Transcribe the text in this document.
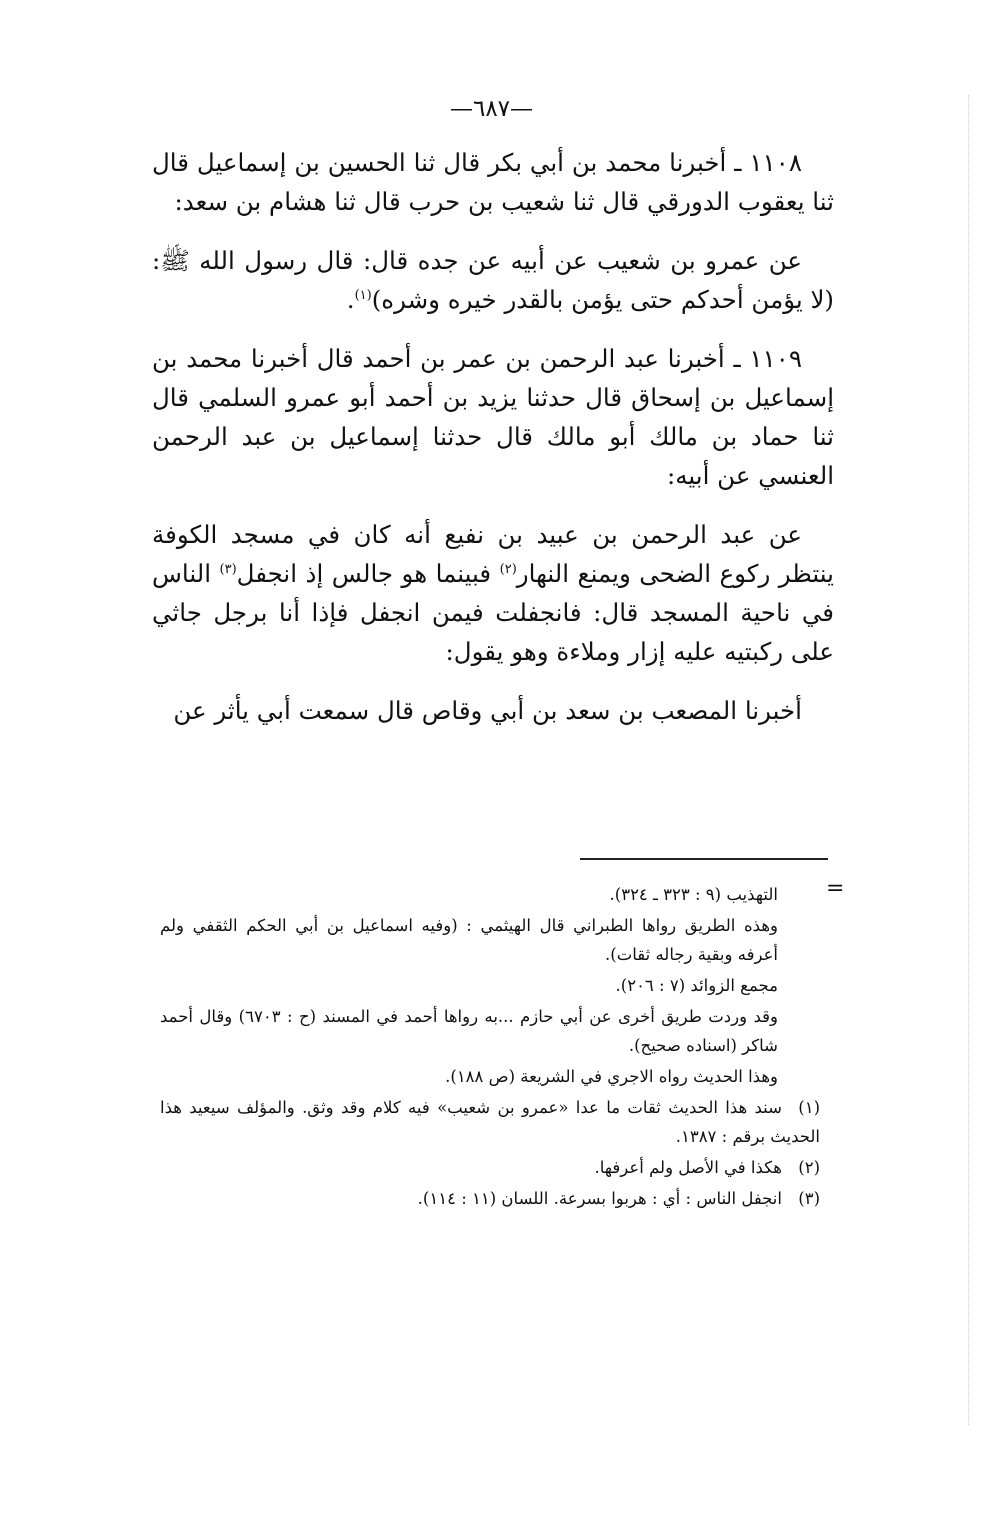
—٦٨٧—

١١٠٨ ـ أخبرنا محمد بن أبي بكر قال ثنا الحسين بن إسماعيل قال ثنا يعقوب الدورقي قال ثنا شعيب بن حرب قال ثنا هشام بن سعد:

عن عمرو بن شعيب عن أبيه عن جده قال: قال رسول الله ﷺ: (لا يؤمن أحدكم حتى يؤمن بالقدر خيره وشره)$^{(١)}$.

١١٠٩ ـ أخبرنا عبد الرحمن بن عمر بن أحمد قال أخبرنا محمد بن إسماعيل بن إسحاق قال حدثنا يزيد بن أحمد أبو عمرو السلمي قال ثنا حماد بن مالك أبو مالك قال حدثنا إسماعيل بن عبد الرحمن العنسي عن أبيه:

عن عبد الرحمن بن عبيد بن نفيع أنه كان في مسجد الكوفة ينتظر ركوع الضحى ويمنع النهار$^{(٢)}$ فبينما هو جالس إذ انجفل$^{(٣)}$ الناس في ناحية المسجد قال: فانجفلت فيمن انجفل فإذا أنا برجل جاثي على ركبتيه عليه إزار وملاءة وهو يقول:

أخبرنا المصعب بن سعد بن أبي وقاص قال سمعت أبي يأثر عن

=
التهذيب (٩ : ٣٢٣ ـ ٣٢٤).
وهذه الطريق رواها الطبراني قال الهيثمي : (وفيه اسماعيل بن أبي الحكم الثقفي ولم أعرفه وبقية رجاله ثقات).
مجمع الزوائد (٧ : ٢٠٦).
وقد وردت طريق أخرى عن أبي حازم ...به رواها أحمد في المسند (ح : ٦٧٠٣) وقال أحمد شاكر (اسناده صحيح).
وهذا الحديث رواه الاجري في الشريعة (ص ١٨٨).
(١)سند هذا الحديث ثقات ما عدا «عمرو بن شعيب» فيه كلام وقد وثق. والمؤلف سيعيد هذا الحديث برقم : ١٣٨٧.
(٢)هكذا في الأصل ولم أعرفها.
(٣)انجفل الناس : أي : هربوا بسرعة. اللسان (١١ : ١١٤).
